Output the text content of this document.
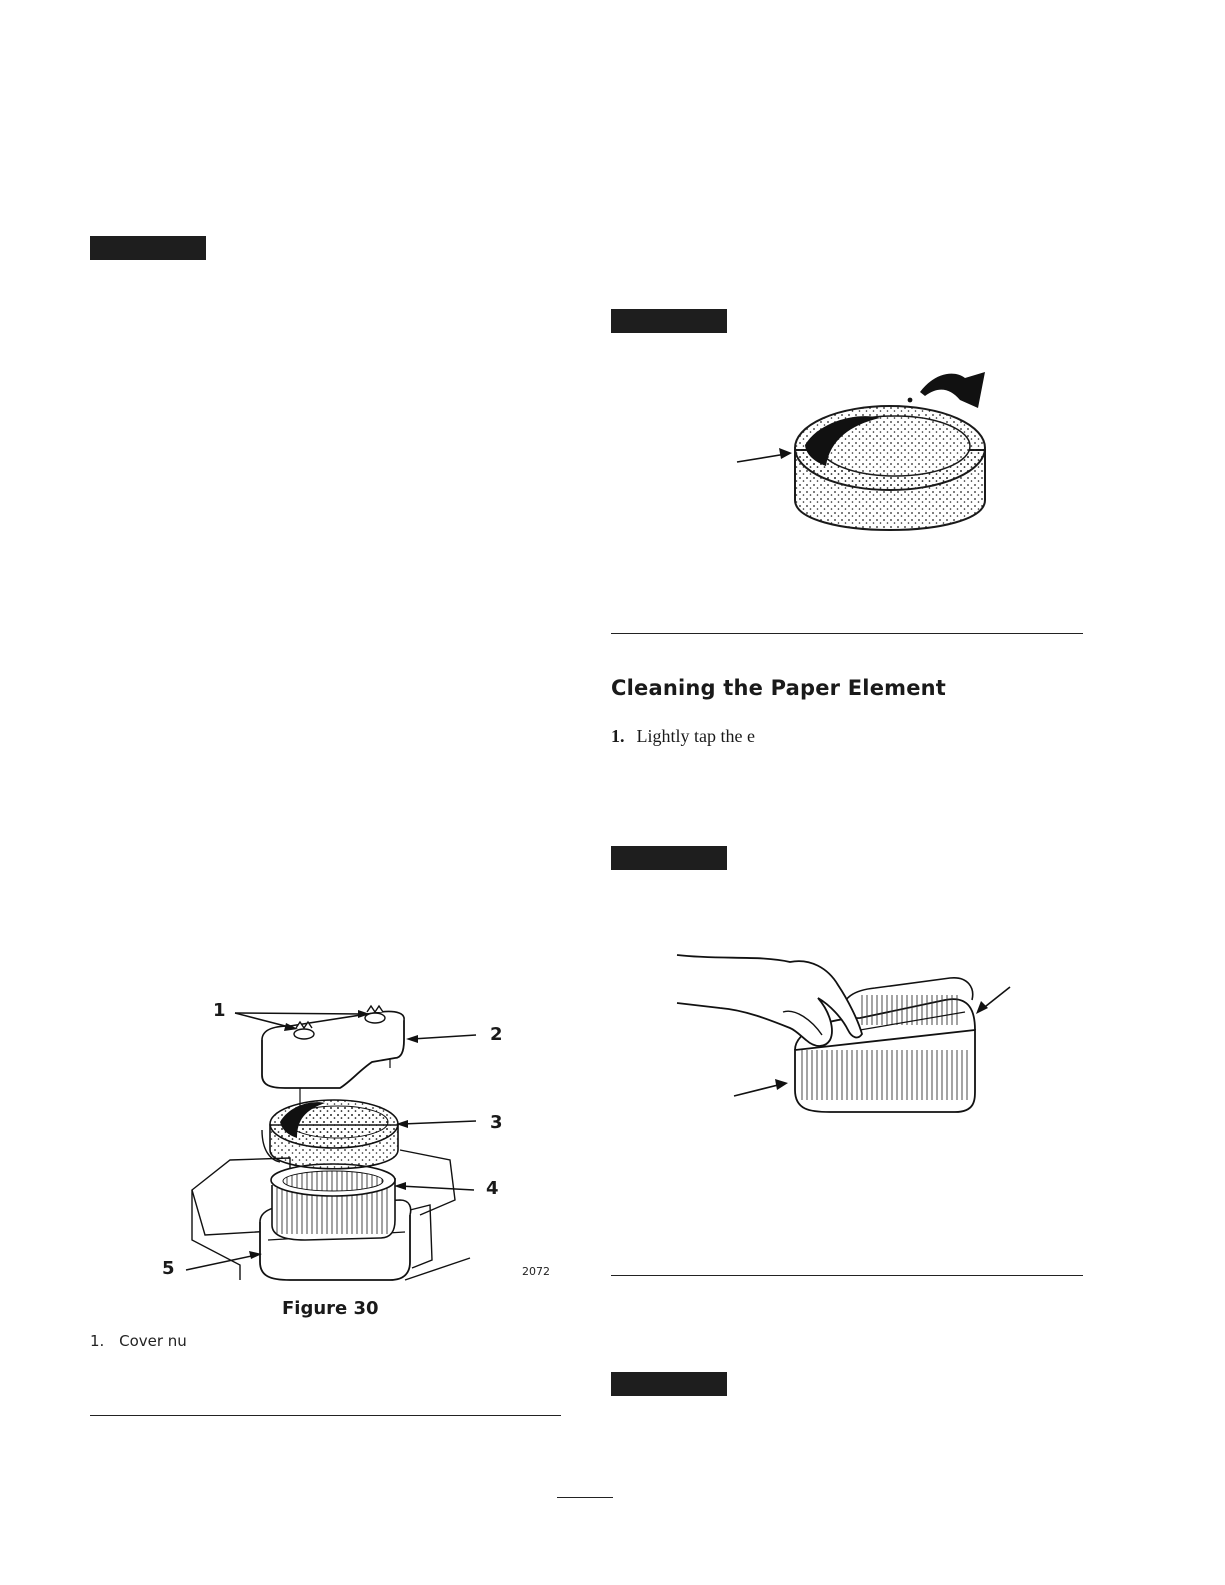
Cleaning the Paper Element
1. Lightly tap the e
1
2
3
4
5	2072
Figure 30
1. Cover nu
